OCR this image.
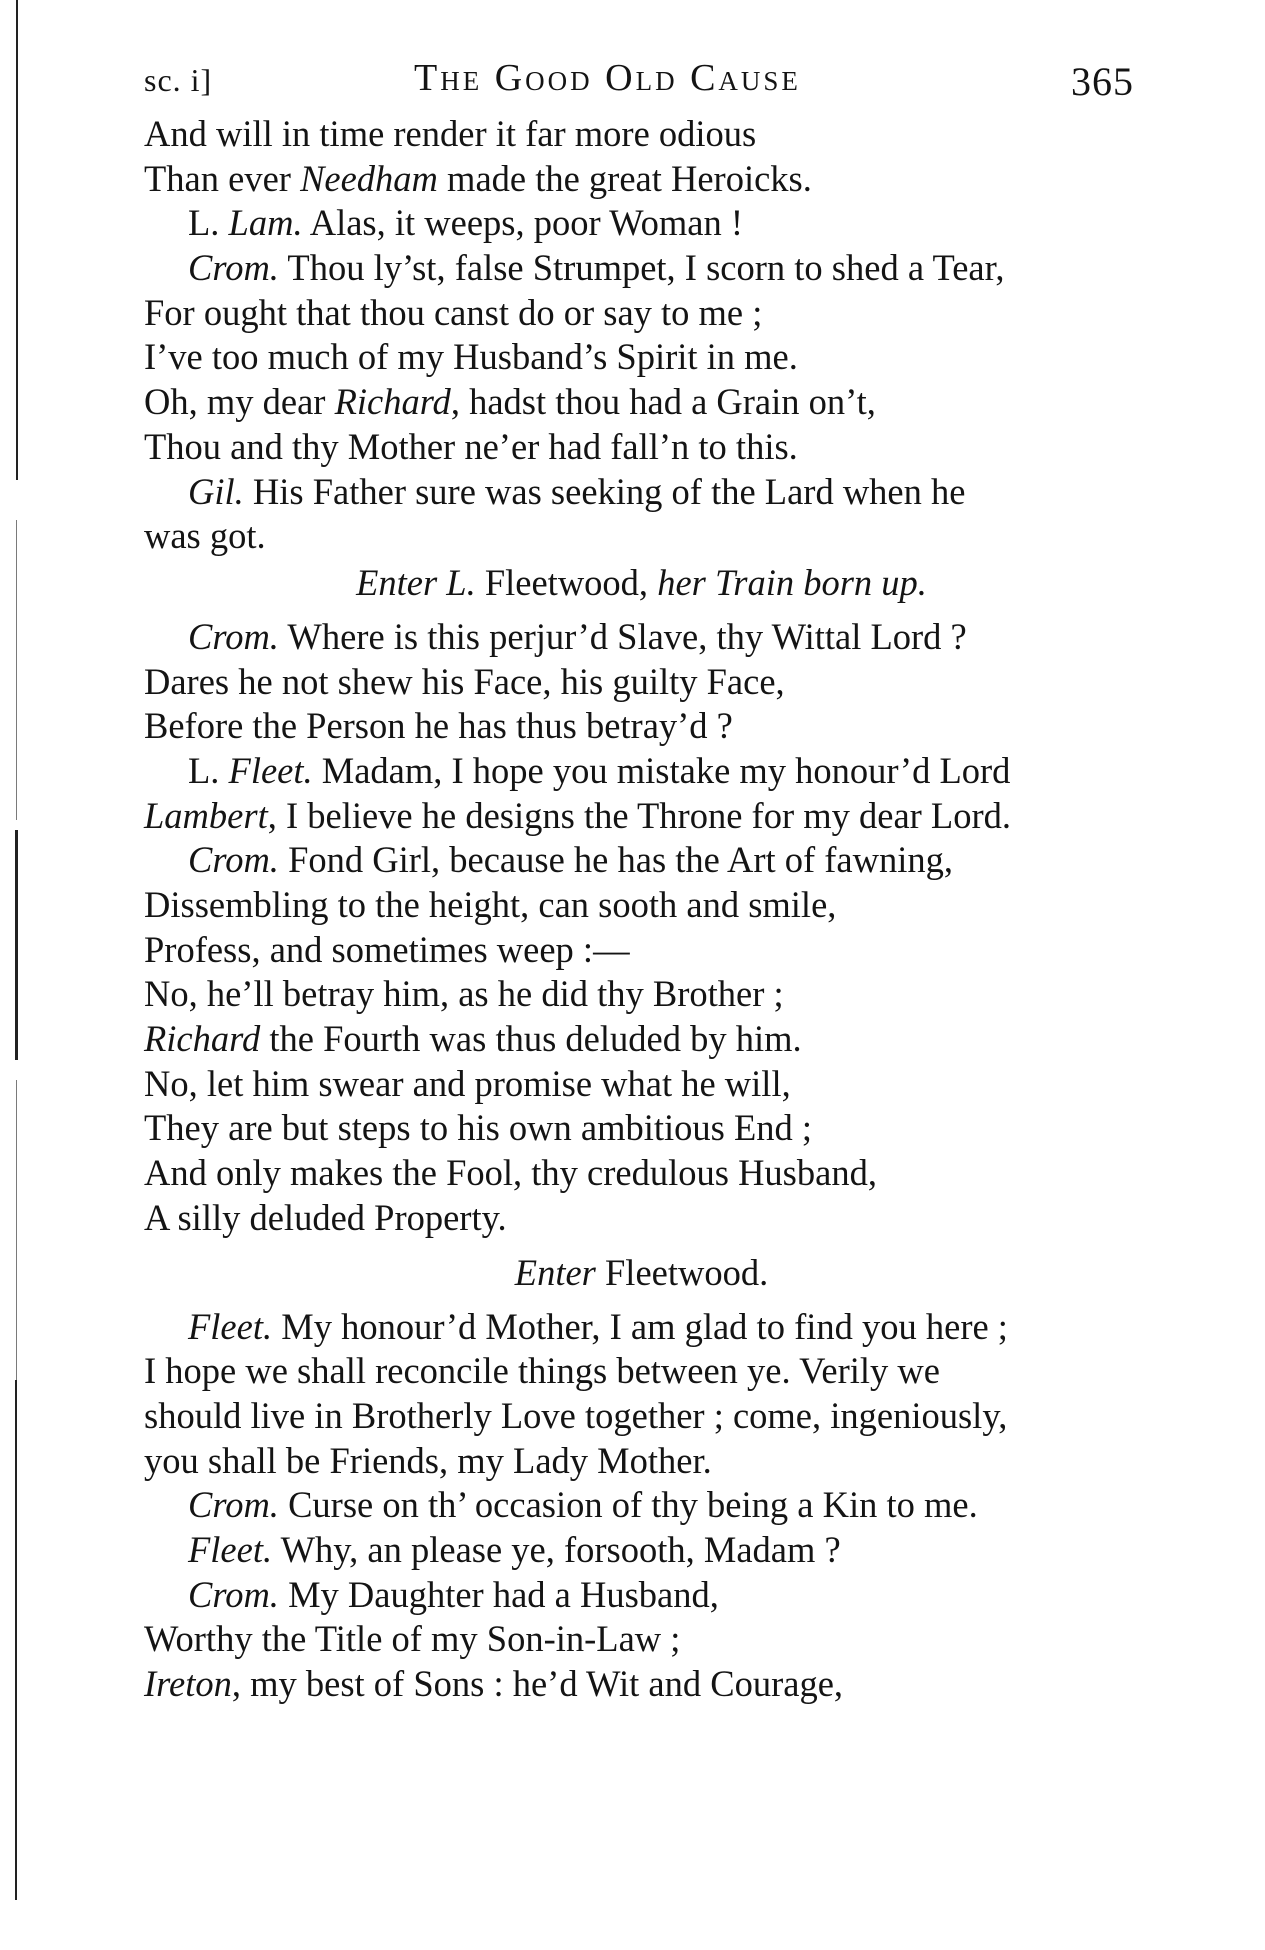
sc. i]	The Good Old Cause	365
And will in time render it far more odious
Than ever Needham made the great Heroicks.
L. Lam. Alas, it weeps, poor Woman !
Crom. Thou ly’st, false Strumpet, I scorn to shed a Tear,
For ought that thou canst do or say to me ;
I’ve too much of my Husband’s Spirit in me.
Oh, my dear Richard, hadst thou had a Grain on’t,
Thou and thy Mother ne’er had fall’n to this.
Gil. His Father sure was seeking of the Lard when he
was got.
Enter L. Fleetwood, her Train born up.
Crom. Where is this perjur’d Slave, thy Wittal Lord ?
Dares he not shew his Face, his guilty Face,
Before the Person he has thus betray’d ?
L. Fleet. Madam, I hope you mistake my honour’d Lord
Lambert, I believe he designs the Throne for my dear Lord.
Crom. Fond Girl, because he has the Art of fawning,
Dissembling to the height, can sooth and smile,
Profess, and sometimes weep :—
No, he’ll betray him, as he did thy Brother ;
Richard the Fourth was thus deluded by him.
No, let him swear and promise what he will,
They are but steps to his own ambitious End ;
And only makes the Fool, thy credulous Husband,
A silly deluded Property.
Enter Fleetwood.
Fleet. My honour’d Mother, I am glad to find you here ;
I hope we shall reconcile things between ye. Verily we
should live in Brotherly Love together ; come, ingeniously,
you shall be Friends, my Lady Mother.
Crom. Curse on th’ occasion of thy being a Kin to me.
Fleet. Why, an please ye, forsooth, Madam ?
Crom. My Daughter had a Husband,
Worthy the Title of my Son-in-Law ;
Ireton, my best of Sons : he’d Wit and Courage,
